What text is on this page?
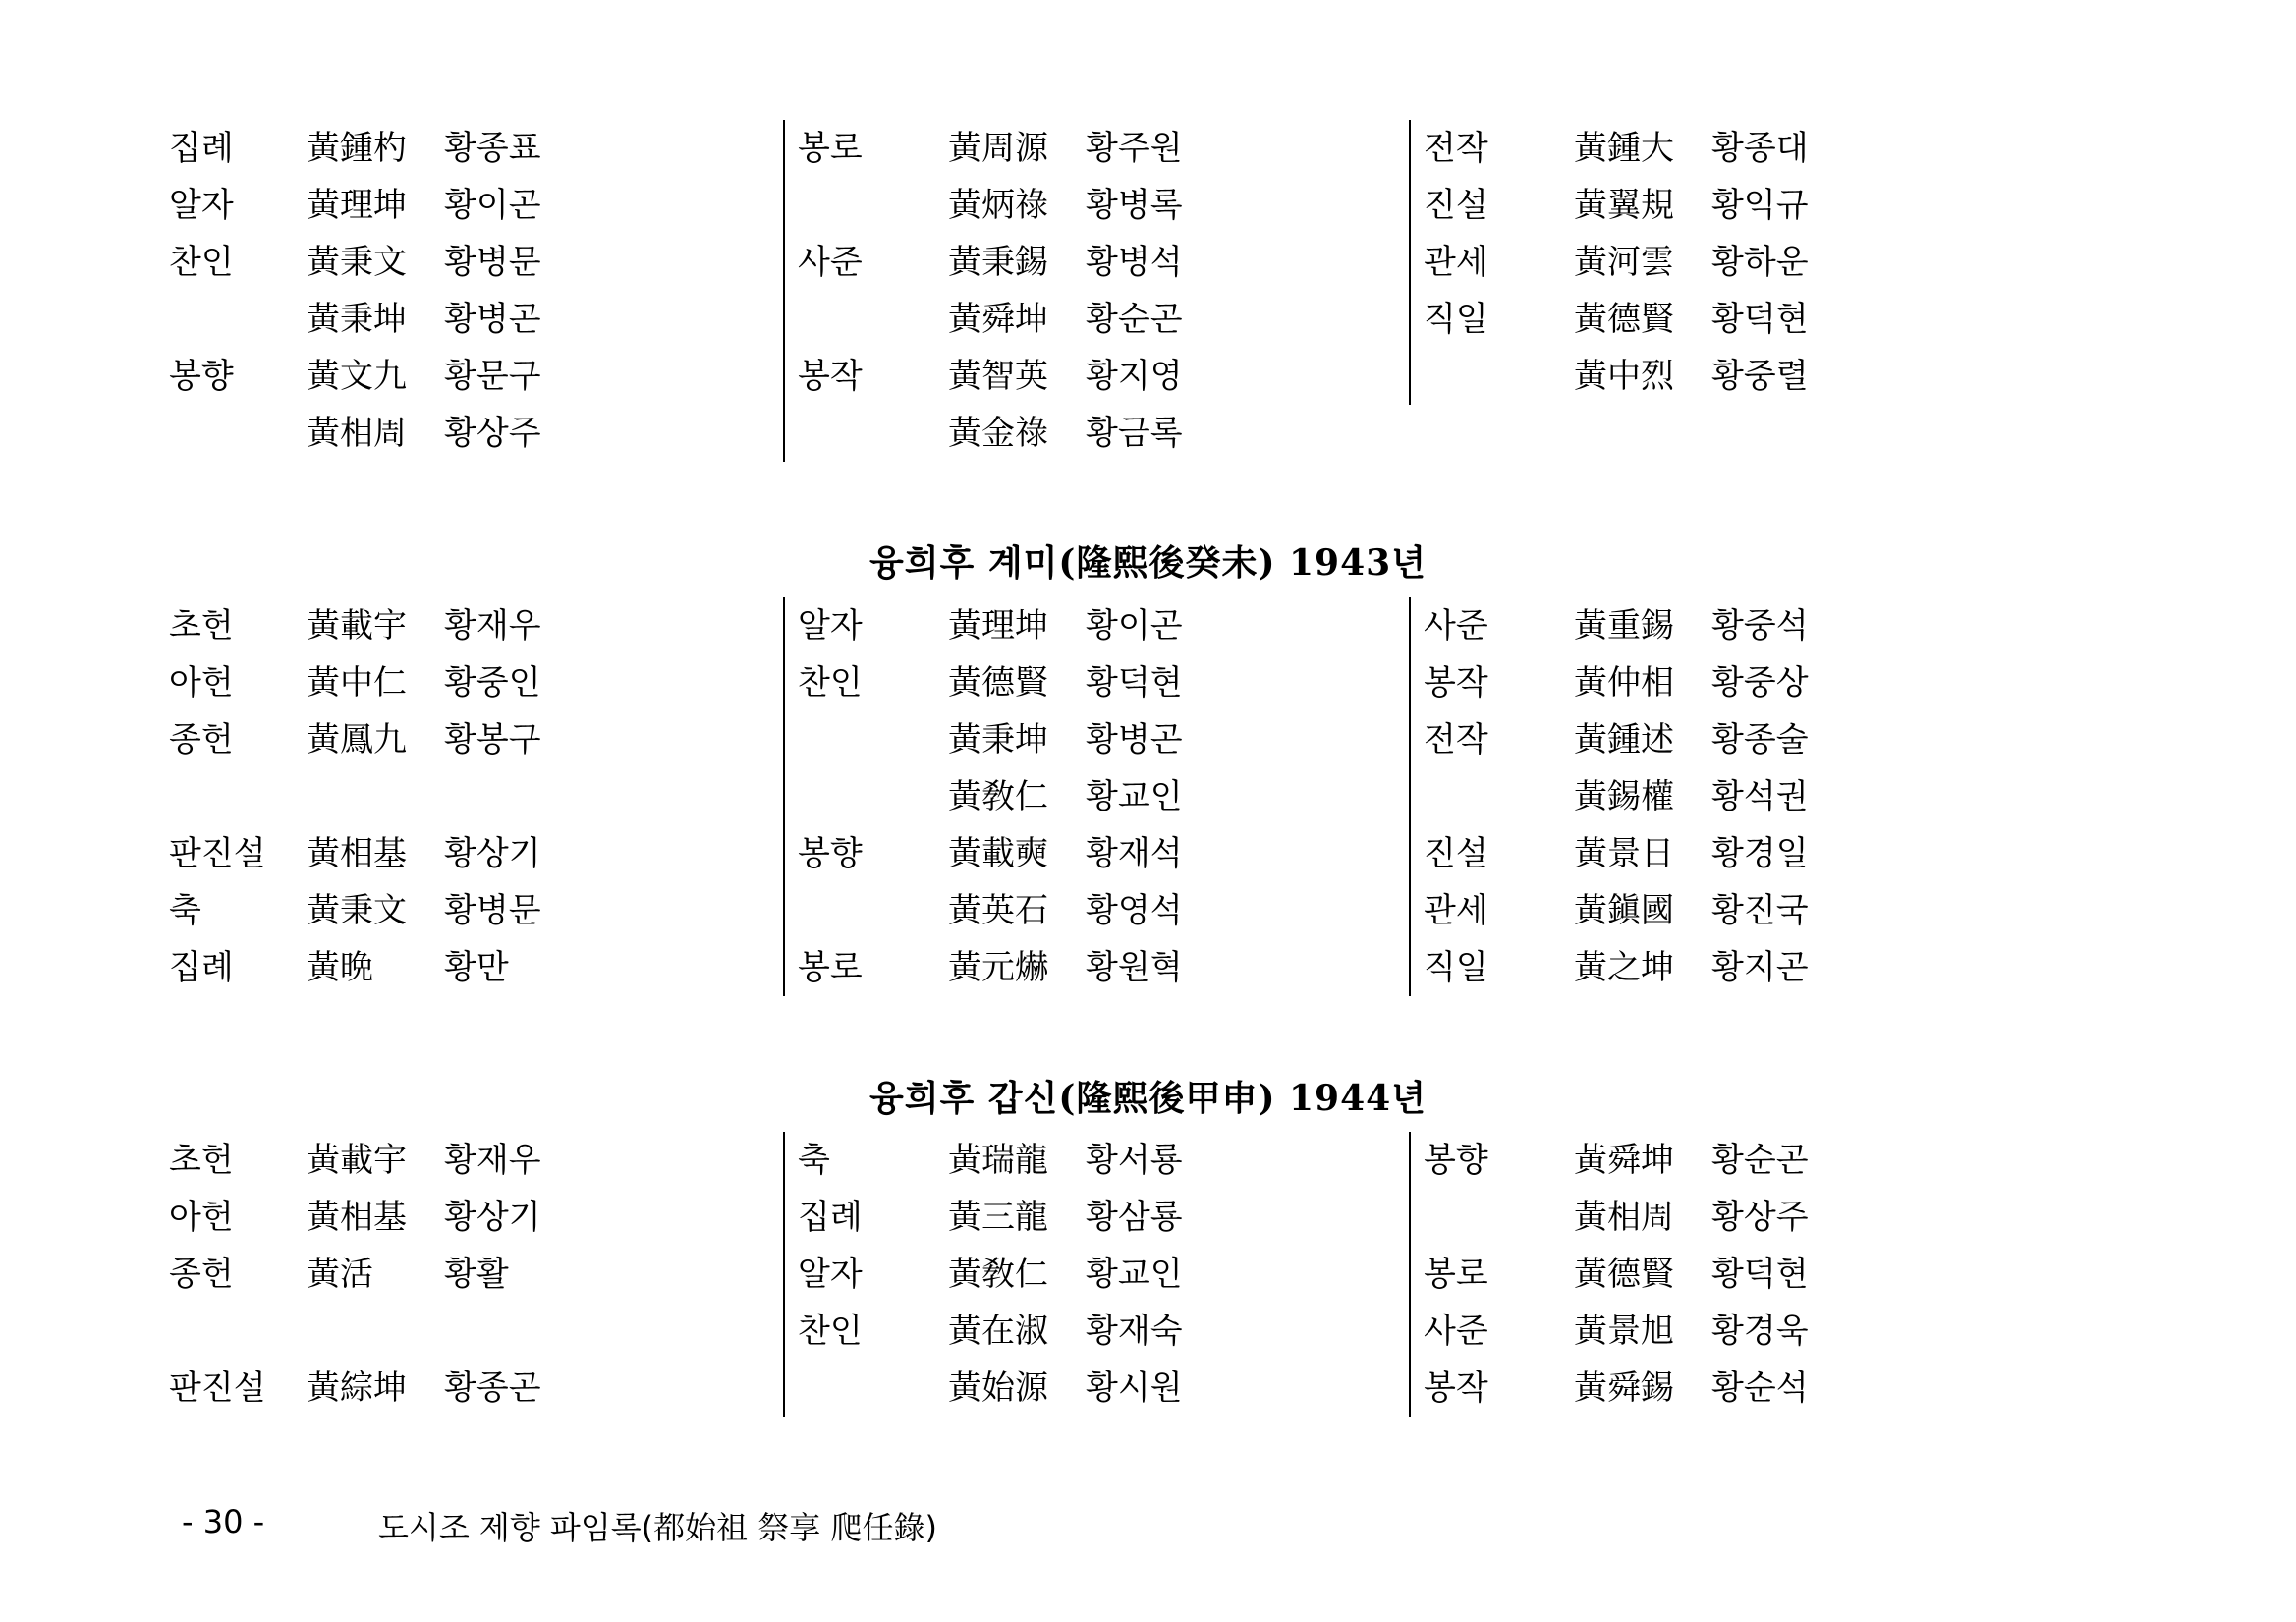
집례 黃鍾杓 황종표
알자 黃理坤 황이곤
찬인 黃秉文 황병문
黃秉坤 황병곤
봉향 黃文九 황문구
黃相周 황상주
봉로	黃周源 황주원
黃炳祿 황병록
사준	黃秉錫 황병석
黃舜坤 황순곤
봉작	黃智英 황지영
黃金祿 황금록
전작	黃鍾大 황종대
진설	黃翼規 황익규
관세	黃河雲 황하운
직일	黃德賢 황덕현
黃中烈 황중렬
융희후 계미(隆熙後癸未) 1943년
초헌 黃載宇 황재우
아헌 黃中仁 황중인
종헌 黃鳳九 황봉구
판진설 黃相基 황상기
축	黃秉文 황병문
집례 黃晩 황만
알자	黃理坤 황이곤
찬인	黃德賢 황덕현
黃秉坤 황병곤
黃敎仁 황교인
봉향	黃載奭 황재석
黃英石 황영석
봉로	黃元爀 황원혁
사준	黃重錫 황중석
봉작	黃仲相 황중상
전작	黃鍾述 황종술
黃錫權 황석권
진설	黃景日 황경일
관세	黃鎭國 황진국
직일	黃之坤 황지곤
융희후 갑신(隆熙後甲申) 1944년
초헌 黃載宇 황재우
아헌 黃相基 황상기
종헌 黃活 황활
판진설 黃綜坤 황종곤
축	黃瑞龍 황서룡
집례	黃三龍 황삼룡
알자	黃敎仁 황교인
찬인	黃在淑 황재숙
黃始源 황시원
봉향	黃舜坤 황순곤
黃相周 황상주
봉로	黃德賢 황덕현
사준	黃景旭 황경욱
봉작	黃舜錫 황순석
- 30 -	도시조 제향 파임록(都始祖 祭享 爬任錄)
